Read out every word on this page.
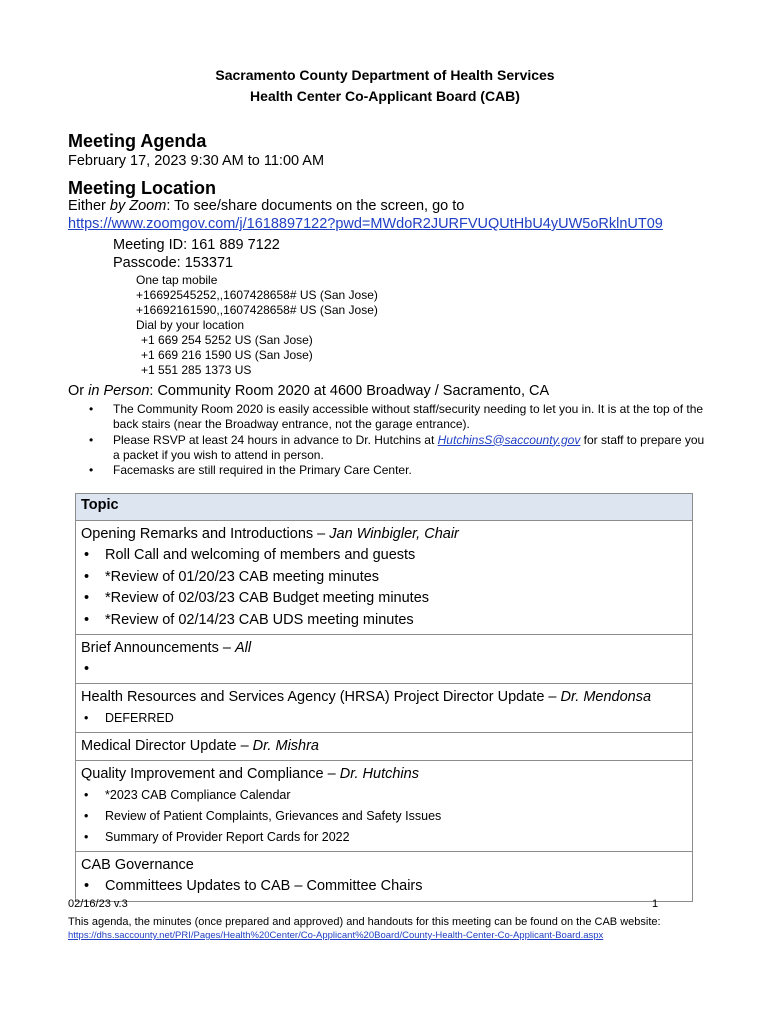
Sacramento County Department of Health Services
Health Center Co-Applicant Board (CAB)
Meeting Agenda
February 17, 2023 9:30 AM to 11:00 AM
Meeting Location
Either by Zoom: To see/share documents on the screen, go to
https://www.zoomgov.com/j/1618897122?pwd=MWdoR2JURFVUQUtHbU4yUW5oRklnUT09
Meeting ID: 161 889 7122
Passcode: 153371
One tap mobile
+16692545252,,1607428658# US (San Jose)
+16692161590,,1607428658# US (San Jose)
Dial by your location
+1 669 254 5252 US (San Jose)
+1 669 216 1590 US (San Jose)
+1 551 285 1373 US
Or in Person: Community Room 2020 at 4600 Broadway / Sacramento, CA
• The Community Room 2020 is easily accessible without staff/security needing to let you in. It is at the top of the back stairs (near the Broadway entrance, not the garage entrance).
• Please RSVP at least 24 hours in advance to Dr. Hutchins at HutchinsS@saccounty.gov for staff to prepare you a packet if you wish to attend in person.
• Facemasks are still required in the Primary Care Center.
Topic

Opening Remarks and Introductions – Jan Winbigler, Chair
• Roll Call and welcoming of members and guests
• *Review of 01/20/23 CAB meeting minutes
• *Review of 02/03/23 CAB Budget meeting minutes
• *Review of 02/14/23 CAB UDS meeting minutes

Brief Announcements – All
•

Health Resources and Services Agency (HRSA) Project Director Update – Dr. Mendonsa
• DEFERRED

Medical Director Update – Dr. Mishra

Quality Improvement and Compliance – Dr. Hutchins
• *2023 CAB Compliance Calendar
• Review of Patient Complaints, Grievances and Safety Issues
• Summary of Provider Report Cards for 2022

CAB Governance
• Committees Updates to CAB – Committee Chairs
02/16/23 v.3	1
This agenda, the minutes (once prepared and approved) and handouts for this meeting can be found on the CAB website:
https://dhs.saccounty.net/PRI/Pages/Health%20Center/Co-Applicant%20Board/County-Health-Center-Co-Applicant-Board.aspx
